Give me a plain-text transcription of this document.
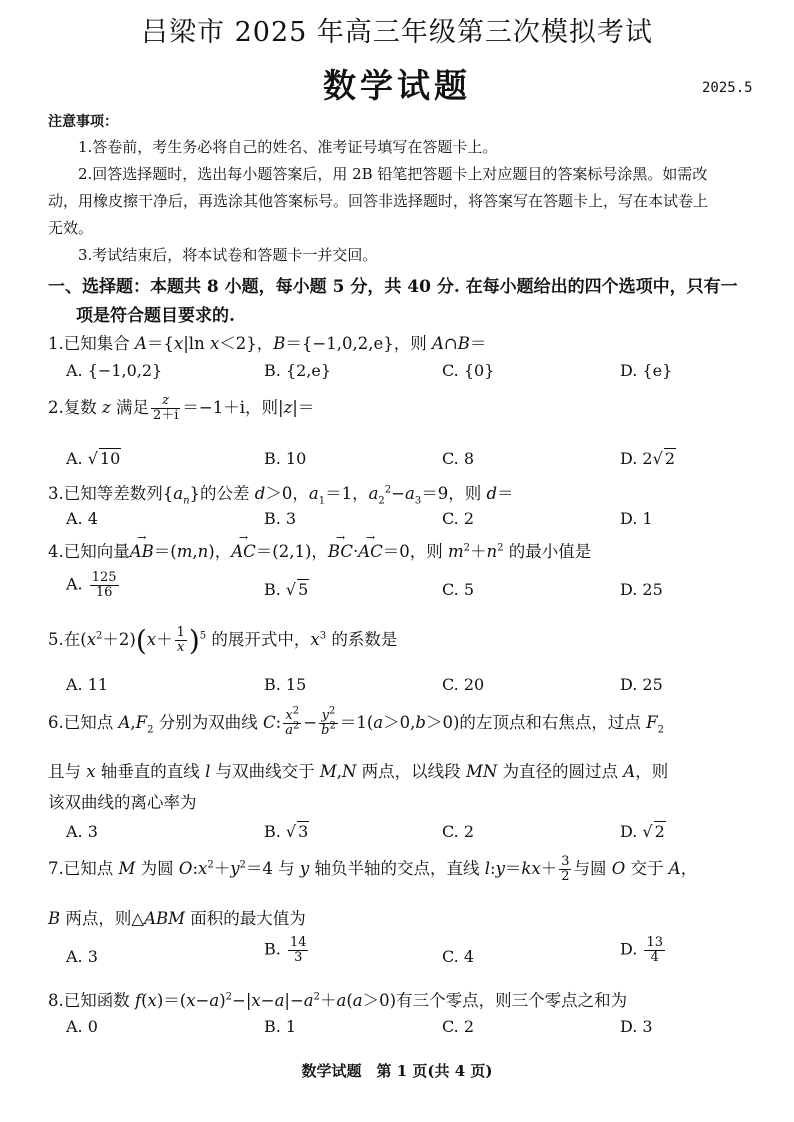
吕梁市 2025 年高三年级第三次模拟考试
数学试题	2025.5
注意事项：
1.答卷前，考生务必将自己的姓名、准考证号填写在答题卡上。
2.回答选择题时，选出每小题答案后，用 2B 铅笔把答题卡上对应题目的答案标号涂黑。如需改
动，用橡皮擦干净后，再选涂其他答案标号。回答非选择题时，将答案写在答题卡上，写在本试卷上
无效。
3.考试结束后，将本试卷和答题卡一并交回。
一、选择题：本题共 8 小题，每小题 5 分，共 40 分. 在每小题给出的四个选项中，只有一
项是符合题目要求的.
1.已知集合 A＝{x|ln x＜2}，B＝{−1,0,2,e}，则 A∩B＝
A. {−1,0,2}	B. {2,e}	C. {0}	D. {e}
2.复数 z 满足 $\frac{z}{2+i} =-1+i$，则|z|＝
A. √ 10	B. 10	C. 8	D. 2√ 2
3.已知等差数列$\{a_n\}$的公差 d＞0，$a_1=1$，$a_2^2-a_3=9$，则 d＝
A. 4	B. 3	C. 2	D. 1
4.已知向量→ AB＝(m,n)，→ AC＝(2,1)，→ BC·→ AC＝0，则 $m^2+n^2$ 的最小值是
A. $\frac{125}{16}$	B. √ 5	C. 5	D. 25
5.在$(x^2+2)(x+ \frac{1}{x} )^5$ 的展开式中，$x^3$ 的系数是
A. 11	B. 15	C. 20	D. 25
6.已知点 $A,F_2$ 分别为双曲线 C: $\frac{x^2}{a^2} - \frac{y^2}{b^2} =1(a>0,b>0)$的左顶点和右焦点，过点 $F_2$
且与 x 轴垂直的直线 l 与双曲线交于 M,N 两点，以线段 MN 为直径的圆过点 A，则
该双曲线的离心率为
A. 3	B. √ 3	C. 2	D. √ 2
7.已知点 M 为圆 $O:x^2+y^2=4$ 与 y 轴负半轴的交点，直线 l:y＝kx＋ $\frac{3}{2}$ 与圆 O 交于 A，
B 两点，则△ABM 面积的最大值为
A. 3	B. $\frac{14}{3}$	C. 4	D. $\frac{13}{4}$
8.已知函数 $f(x)=(x-a)^2-|x-a|-a^2+a(a>0)$有三个零点，则三个零点之和为
A. 0	B. 1	C. 2	D. 3
数学试题　第 1 页(共 4 页)
